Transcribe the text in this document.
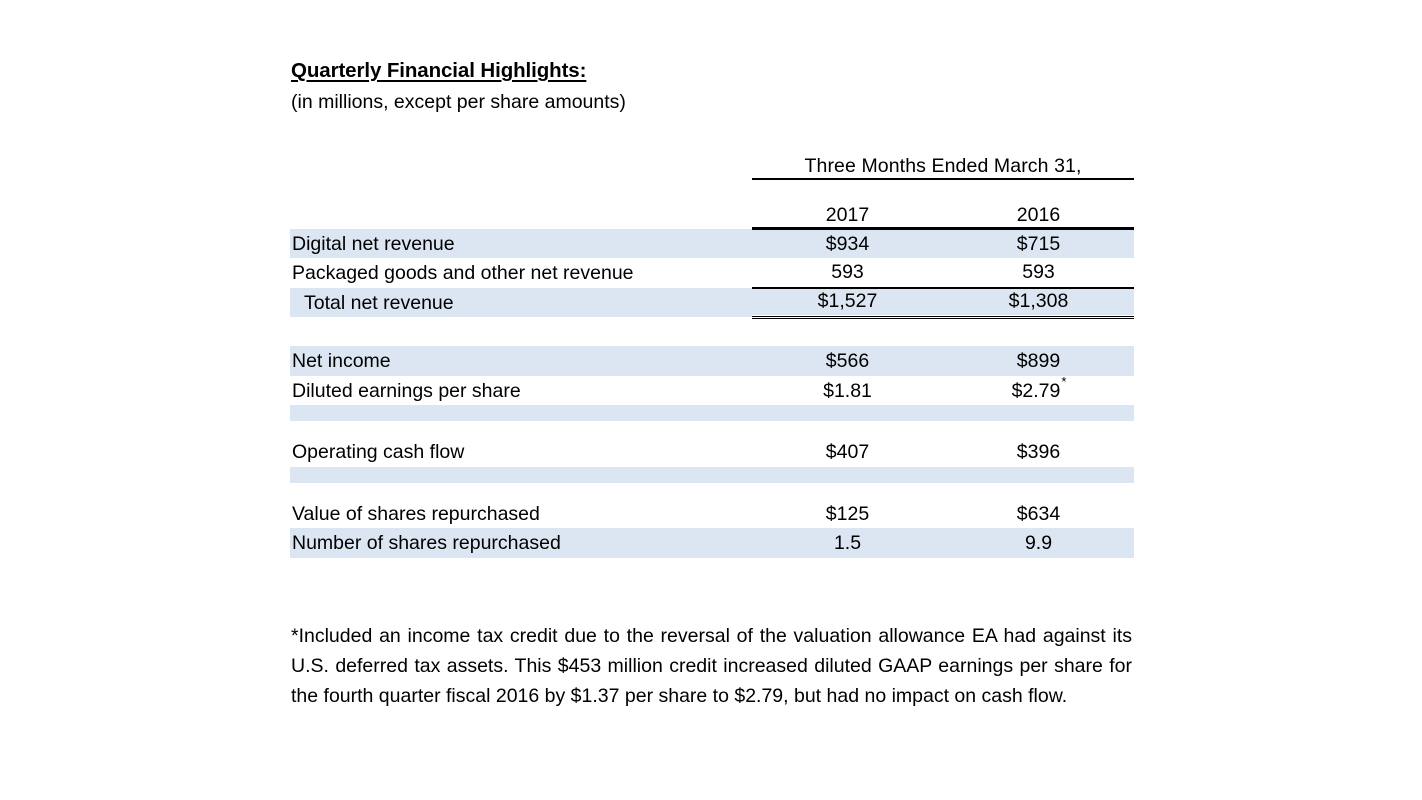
Quarterly Financial Highlights:
(in millions, except per share amounts)
	Three Months Ended March 31,	

	2017		2016
Digital net revenue	$934		$715
Packaged goods and other net revenue	593		593
Total net revenue	$1,527		$1,308

Net income	$566		$899
Diluted earnings per share	$1.81		$2.79*

Operating cash flow	$407		$396

Value of shares repurchased	$125		$634
Number of shares repurchased	1.5		9.9
*Included an income tax credit due to the reversal of the valuation allowance EA had against its U.S. deferred tax assets. This $453 million credit increased diluted GAAP earnings per share for the fourth quarter fiscal 2016 by $1.37 per share to $2.79, but had no impact on cash flow.
